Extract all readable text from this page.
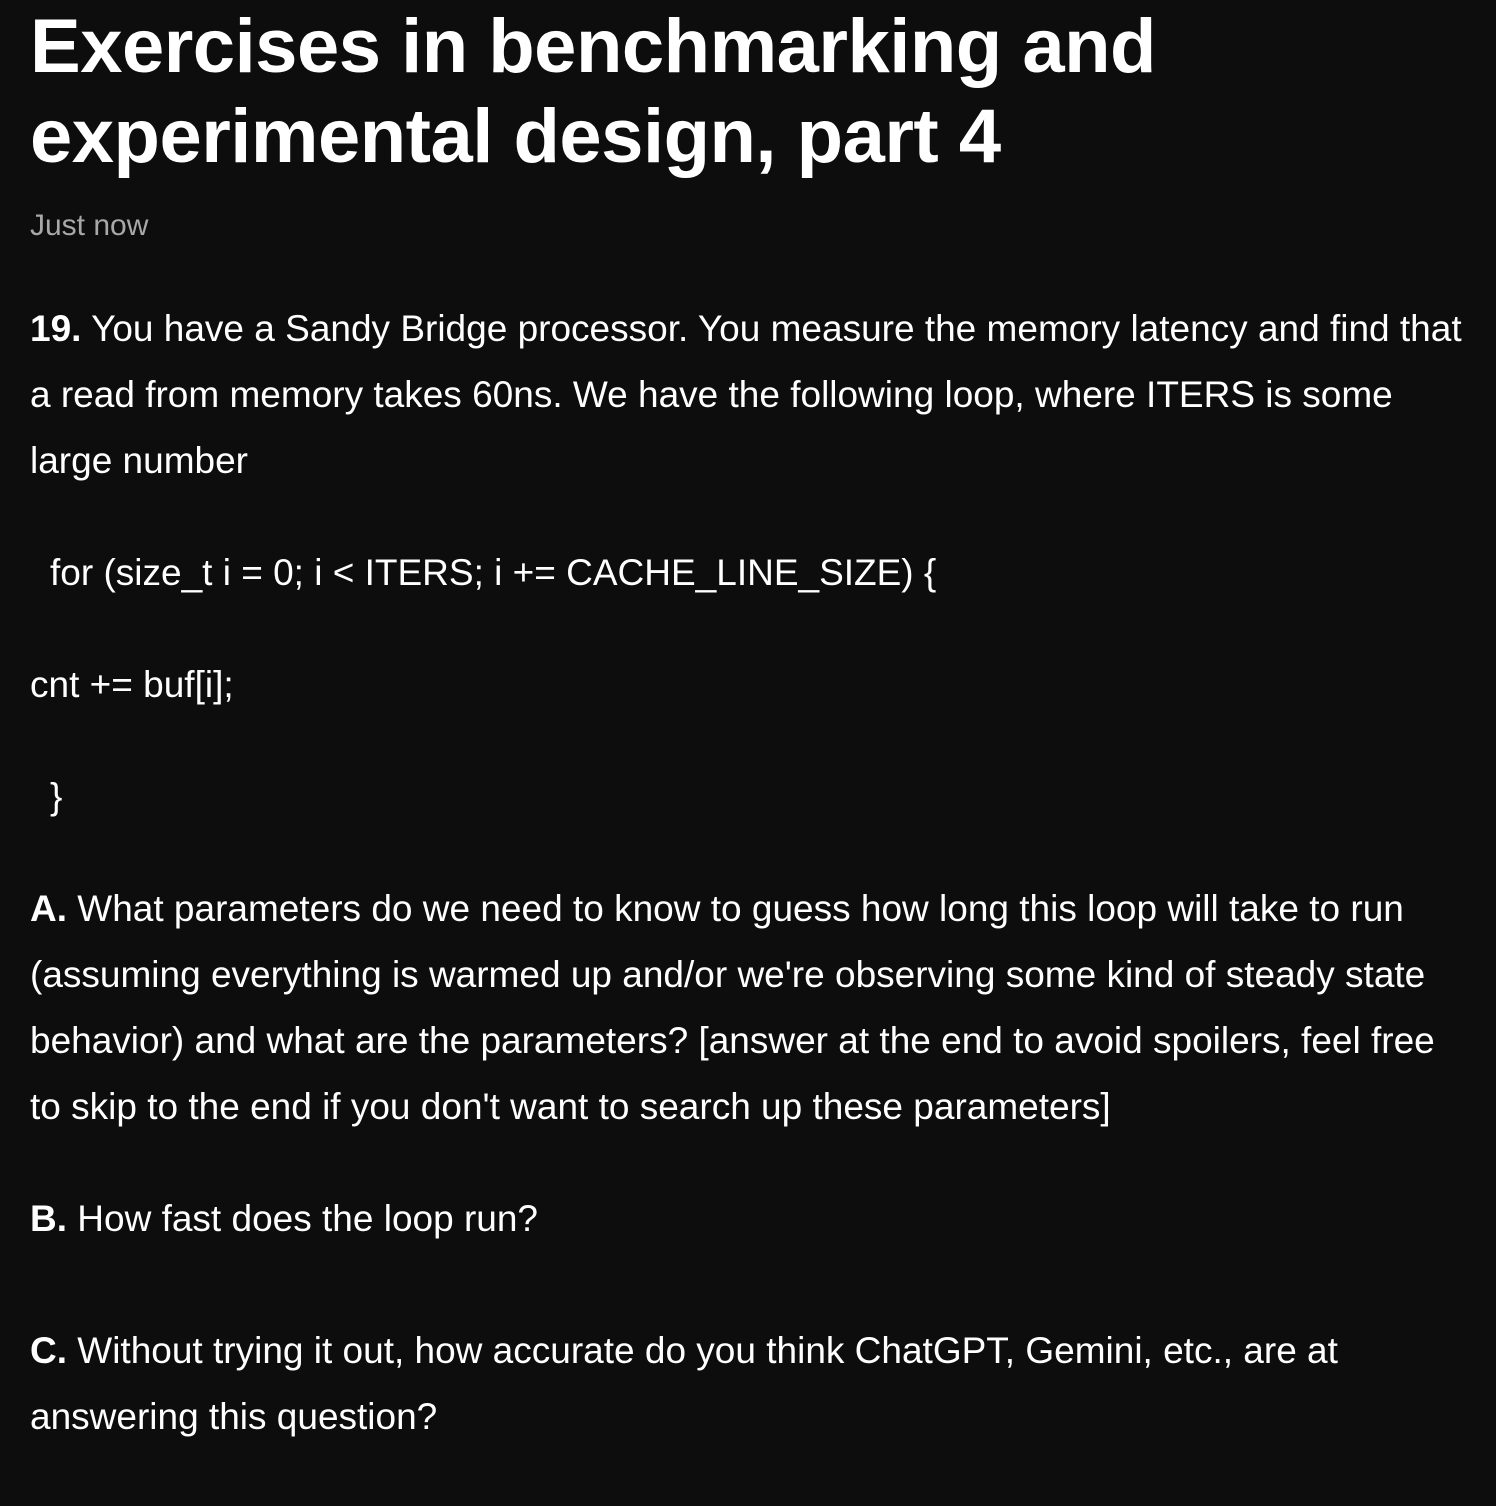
Exercises in benchmarking and experimental design, part 4
Just now

19. You have a Sandy Bridge processor. You measure the memory latency and find that a read from memory takes 60ns. We have the following loop, where ITERS is some large number

for (size_t i = 0; i < ITERS; i += CACHE_LINE_SIZE) {
cnt += buf[i];
}

A. What parameters do we need to know to guess how long this loop will take to run (assuming everything is warmed up and/or we're observing some kind of steady state behavior) and what are the parameters? [answer at the end to avoid spoilers, feel free to skip to the end if you don't want to search up these parameters]

B. How fast does the loop run?

C. Without trying it out, how accurate do you think ChatGPT, Gemini, etc., are at answering this question?
